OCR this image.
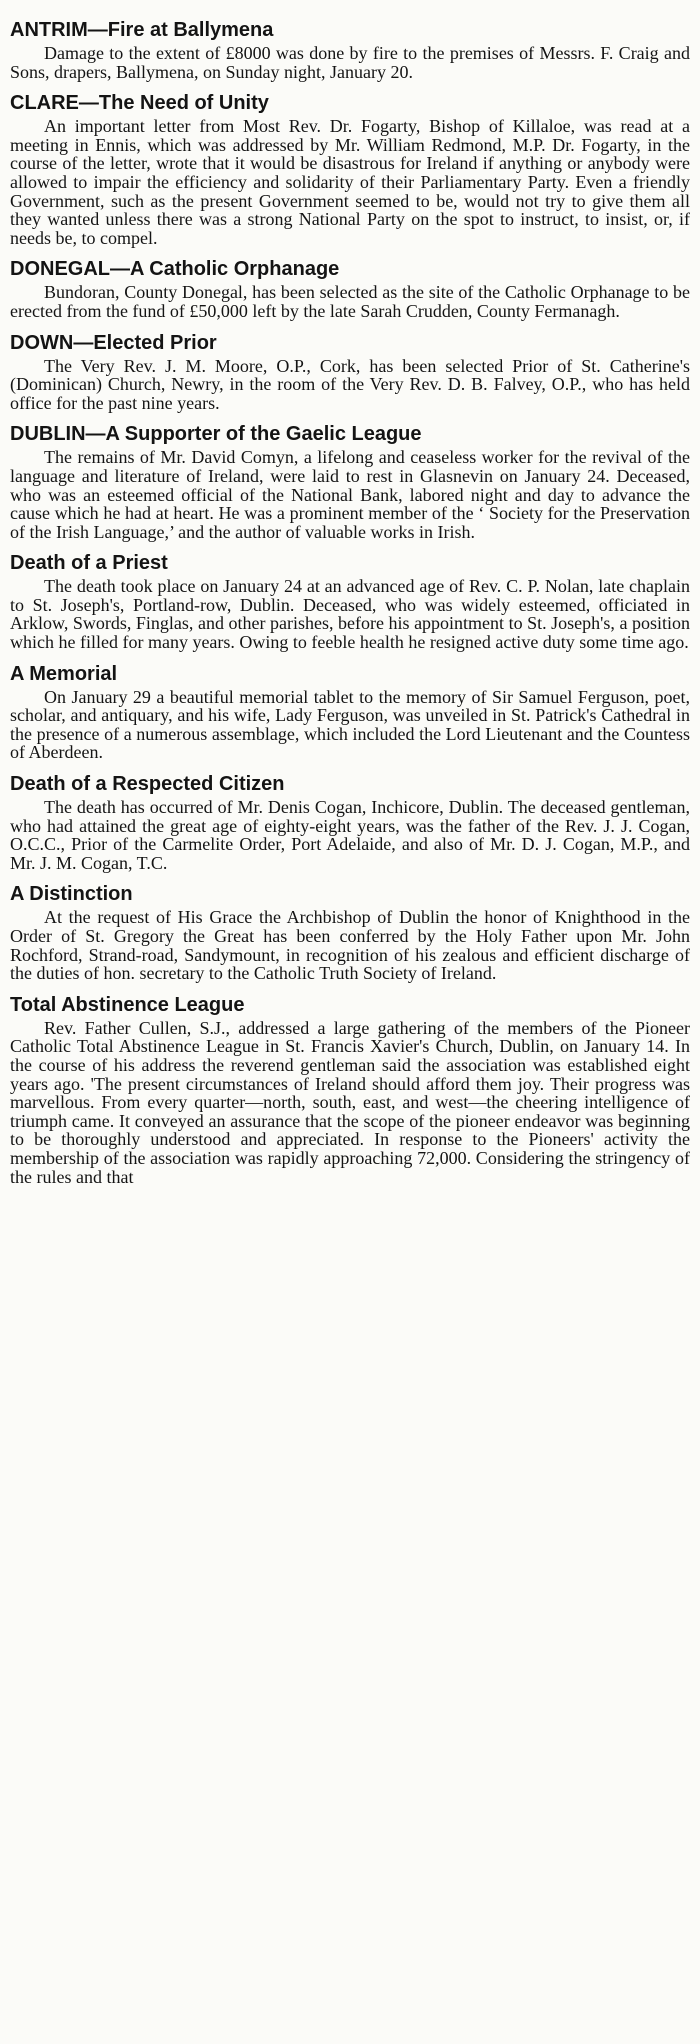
ANTRIM—Fire at Ballymena

Damage to the extent of £8000 was done by fire to the premises of Messrs. F. Craig and Sons, drapers, Ballymena, on Sunday night, January 20.

CLARE—The Need of Unity

An important letter from Most Rev. Dr. Fogarty, Bishop of Killaloe, was read at a meeting in Ennis, which was addressed by Mr. William Redmond, M.P. Dr. Fogarty, in the course of the letter, wrote that it would be disastrous for Ireland if anything or anybody were allowed to impair the efficiency and solidarity of their Parliamentary Party. Even a friendly Government, such as the present Government seemed to be, would not try to give them all they wanted unless there was a strong National Party on the spot to instruct, to insist, or, if needs be, to compel.

DONEGAL—A Catholic Orphanage

Bundoran, County Donegal, has been selected as the site of the Catholic Orphanage to be erected from the fund of £50,000 left by the late Sarah Crudden, County Fermanagh.

DOWN—Elected Prior

The Very Rev. J. M. Moore, O.P., Cork, has been selected Prior of St. Catherine's (Dominican) Church, Newry, in the room of the Very Rev. D. B. Falvey, O.P., who has held office for the past nine years.

DUBLIN—A Supporter of the Gaelic League

The remains of Mr. David Comyn, a lifelong and ceaseless worker for the revival of the language and literature of Ireland, were laid to rest in Glasnevin on January 24. Deceased, who was an esteemed official of the National Bank, labored night and day to advance the cause which he had at heart. He was a prominent member of the ‘ Society for the Preservation of the Irish Language,’ and the author of valuable works in Irish.

Death of a Priest

The death took place on January 24 at an advanced age of Rev. C. P. Nolan, late chaplain to St. Joseph's, Portland-row, Dublin. Deceased, who was widely esteemed, officiated in Arklow, Swords, Finglas, and other parishes, before his appointment to St. Joseph's, a position which he filled for many years. Owing to feeble health he resigned active duty some time ago.

A Memorial

On January 29 a beautiful memorial tablet to the memory of Sir Samuel Ferguson, poet, scholar, and antiquary, and his wife, Lady Ferguson, was unveiled in St. Patrick's Cathedral in the presence of a numerous assemblage, which included the Lord Lieutenant and the Countess of Aberdeen.

Death of a Respected Citizen

The death has occurred of Mr. Denis Cogan, Inchicore, Dublin. The deceased gentleman, who had attained the great age of eighty-eight years, was the father of the Rev. J. J. Cogan, O.C.C., Prior of the Carmelite Order, Port Adelaide, and also of Mr. D. J. Cogan, M.P., and Mr. J. M. Cogan, T.C.

A Distinction

At the request of His Grace the Archbishop of Dublin the honor of Knighthood in the Order of St. Gregory the Great has been conferred by the Holy Father upon Mr. John Rochford, Strand-road, Sandymount, in recognition of his zealous and efficient discharge of the duties of hon. secretary to the Catholic Truth Society of Ireland.

Total Abstinence League

Rev. Father Cullen, S.J., addressed a large gathering of the members of the Pioneer Catholic Total Abstinence League in St. Francis Xavier's Church, Dublin, on January 14. In the course of his address the reverend gentleman said the association was established eight years ago. 'The present circumstances of Ireland should afford them joy. Their progress was marvellous. From every quarter—north, south, east, and west—the cheering intelligence of triumph came. It conveyed an assurance that the scope of the pioneer endeavor was beginning to be thoroughly understood and appreciated. In response to the Pioneers' activity the membership of the association was rapidly approaching 72,000. Considering the stringency of the rules and that
